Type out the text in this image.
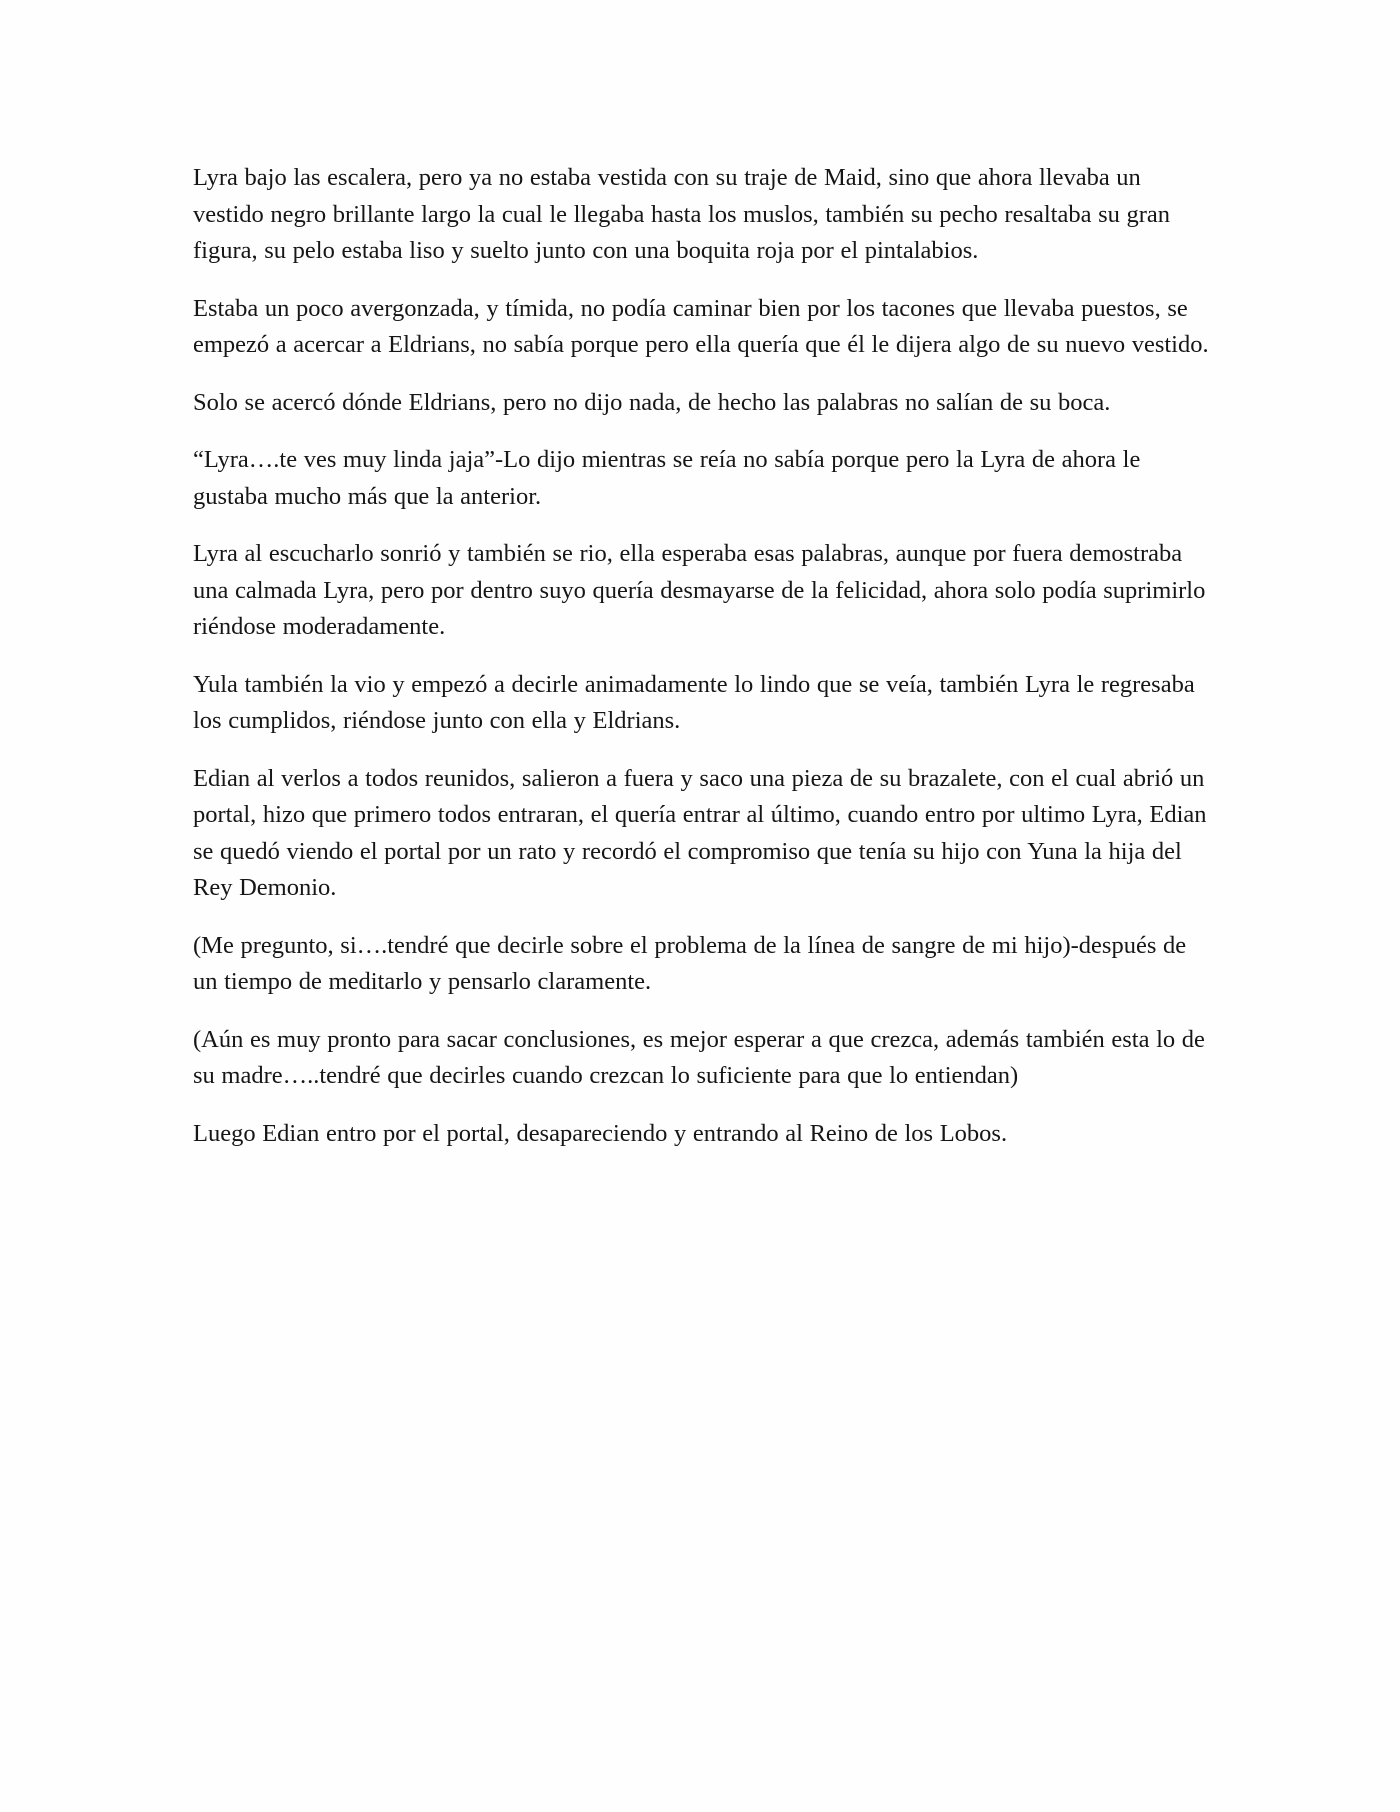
Lyra bajo las escalera, pero ya no estaba vestida con su traje de Maid, sino que ahora llevaba un vestido negro brillante largo la cual le llegaba hasta los muslos, también su pecho resaltaba su gran figura, su pelo estaba liso y suelto junto con una boquita roja por el pintalabios.

Estaba un poco avergonzada, y tímida, no podía caminar bien por los tacones que llevaba puestos, se empezó a acercar a Eldrians, no sabía porque pero ella quería que él le dijera algo de su nuevo vestido.

Solo se acercó dónde Eldrians, pero no dijo nada, de hecho las palabras no salían de su boca.

“Lyra….te ves muy linda jaja”-Lo dijo mientras se reía no sabía porque pero la Lyra de ahora le gustaba mucho más que la anterior.

Lyra al escucharlo sonrió y también se rio, ella esperaba esas palabras, aunque por fuera demostraba una calmada Lyra, pero por dentro suyo quería desmayarse de la felicidad, ahora solo podía suprimirlo riéndose moderadamente.

Yula también la vio y empezó a decirle animadamente lo lindo que se veía, también Lyra le regresaba los cumplidos, riéndose junto con ella y Eldrians.

Edian al verlos a todos reunidos, salieron a fuera y saco una pieza de su brazalete, con el cual abrió un portal, hizo que primero todos entraran, el quería entrar al último, cuando entro por ultimo Lyra, Edian se quedó viendo el portal por un rato y recordó el compromiso que tenía su hijo con Yuna la hija del Rey Demonio.

(Me pregunto, si….tendré que decirle sobre el problema de la línea de sangre de mi hijo)-después de un tiempo de meditarlo y pensarlo claramente.

(Aún es muy pronto para sacar conclusiones, es mejor esperar a que crezca, además también esta lo de su madre…..tendré que decirles cuando crezcan lo suficiente para que lo entiendan)

Luego Edian entro por el portal, desapareciendo y entrando al Reino de los Lobos.
